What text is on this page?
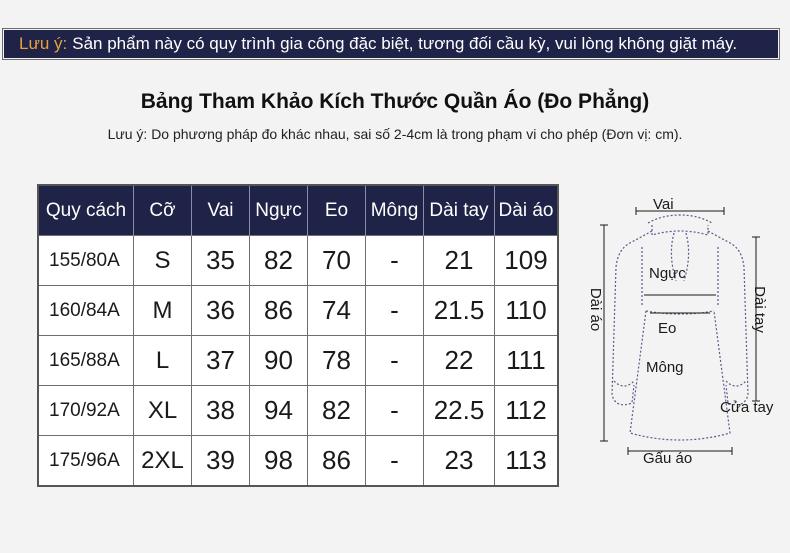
Lưu ý: Sản phẩm này có quy trình gia công đặc biệt, tương đối cầu kỳ, vui lòng không giặt máy.
Bảng Tham Khảo Kích Thước Quần Áo (Đo Phẳng)
Lưu ý: Do phương pháp đo khác nhau, sai số 2-4cm là trong phạm vi cho phép (Đơn vị: cm).
Quy cách	Cỡ	Vai	Ngực	Eo	Mông	Dài tay	Dài áo
155/80A	S	35	82	70	-	21	109
160/84A	M	36	86	74	-	21.5	110
165/88A	L	37	90	78	-	22	111
170/92A	XL	38	94	82	-	22.5	112
175/96A	2XL	39	98	86	-	23	113
Vai
Ngực
Eo
Mông
Cửa tay
Gấu áo
Dài áo	Dài tay
